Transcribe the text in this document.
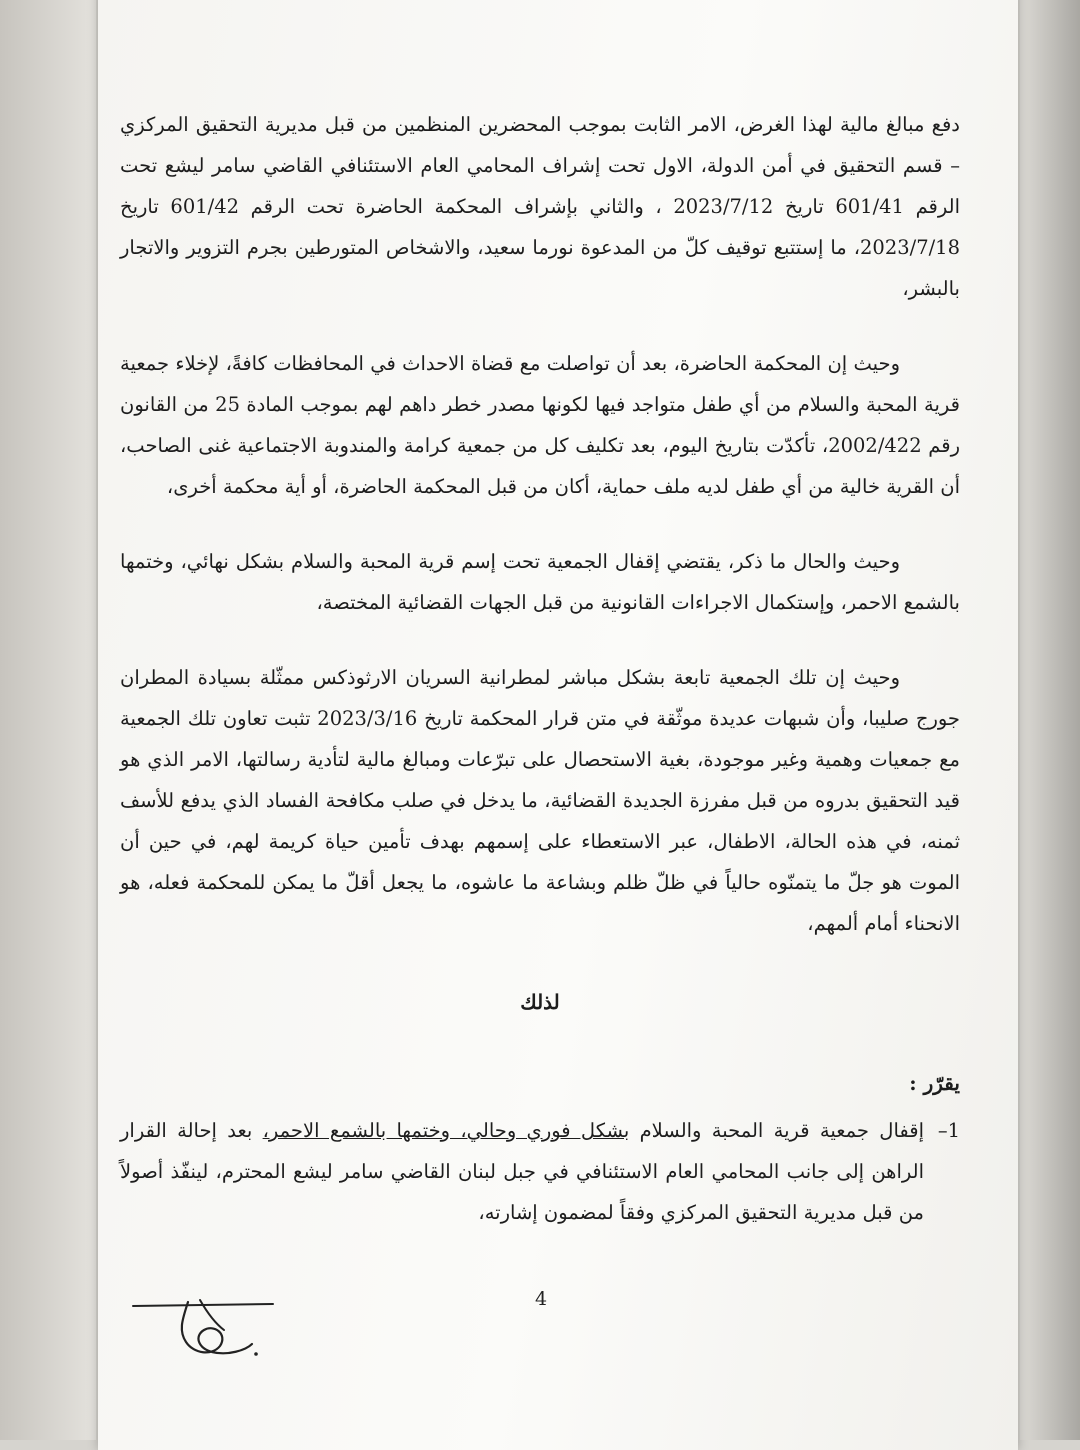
دفع مبالغ مالية لهذا الغرض، الامر الثابت بموجب المحضرين المنظمين من قبل مديرية التحقيق المركزي – قسم التحقيق في أمن الدولة، الاول تحت إشراف المحامي العام الاستئنافي القاضي سامر ليشع تحت الرقم 601/41 تاريخ 2023/7/12 ، والثاني بإشراف المحكمة الحاضرة تحت الرقم 601/42 تاريخ 2023/7/18، ما إستتبع توقيف كلّ من المدعوة نورما سعيد، والاشخاص المتورطين بجرم التزوير والاتجار بالبشر،

وحيث إن المحكمة الحاضرة، بعد أن تواصلت مع قضاة الاحداث في المحافظات كافةً، لإخلاء جمعية قرية المحبة والسلام من أي طفل متواجد فيها لكونها مصدر خطر داهم لهم بموجب المادة 25 من القانون رقم 2002/422، تأكدّت بتاريخ اليوم، بعد تكليف كل من جمعية كرامة والمندوبة الاجتماعية غنى الصاحب، أن القرية خالية من أي طفل لديه ملف حماية، أكان من قبل المحكمة الحاضرة، أو أية محكمة أخرى،

وحيث والحال ما ذكر، يقتضي إقفال الجمعية تحت إسم قرية المحبة والسلام بشكل نهائي، وختمها بالشمع الاحمر، وإستكمال الاجراءات القانونية من قبل الجهات القضائية المختصة،

وحيث إن تلك الجمعية تابعة بشكل مباشر لمطرانية السريان الارثوذكس ممثّلة بسيادة المطران جورج صليبا، وأن شبهات عديدة موثّقة في متن قرار المحكمة تاريخ 2023/3/16 تثبت تعاون تلك الجمعية مع جمعيات وهمية وغير موجودة، بغية الاستحصال على تبرّعات ومبالغ مالية لتأدية رسالتها، الامر الذي هو قيد التحقيق بدروه من قبل مفرزة الجديدة القضائية، ما يدخل في صلب مكافحة الفساد الذي يدفع للأسف ثمنه، في هذه الحالة، الاطفال، عبر الاستعطاء على إسمهم بهدف تأمين حياة كريمة لهم، في حين أن الموت هو جلّ ما يتمنّوه حالياً في ظلّ ظلم وبشاعة ما عاشوه، ما يجعل أقلّ ما يمكن للمحكمة فعله، هو الانحناء أمام ألمهم،

لذلك

يقرّر :

1–
إقفال جمعية قرية المحبة والسلام بشكل فوري وحالي، وختمها بالشمع الاحمر، بعد إحالة القرار الراهن إلى جانب المحامي العام الاستئنافي في جبل لبنان القاضي سامر ليشع المحترم، لينفّذ أصولاً من قبل مديرية التحقيق المركزي وفقاً لمضمون إشارته،
4
